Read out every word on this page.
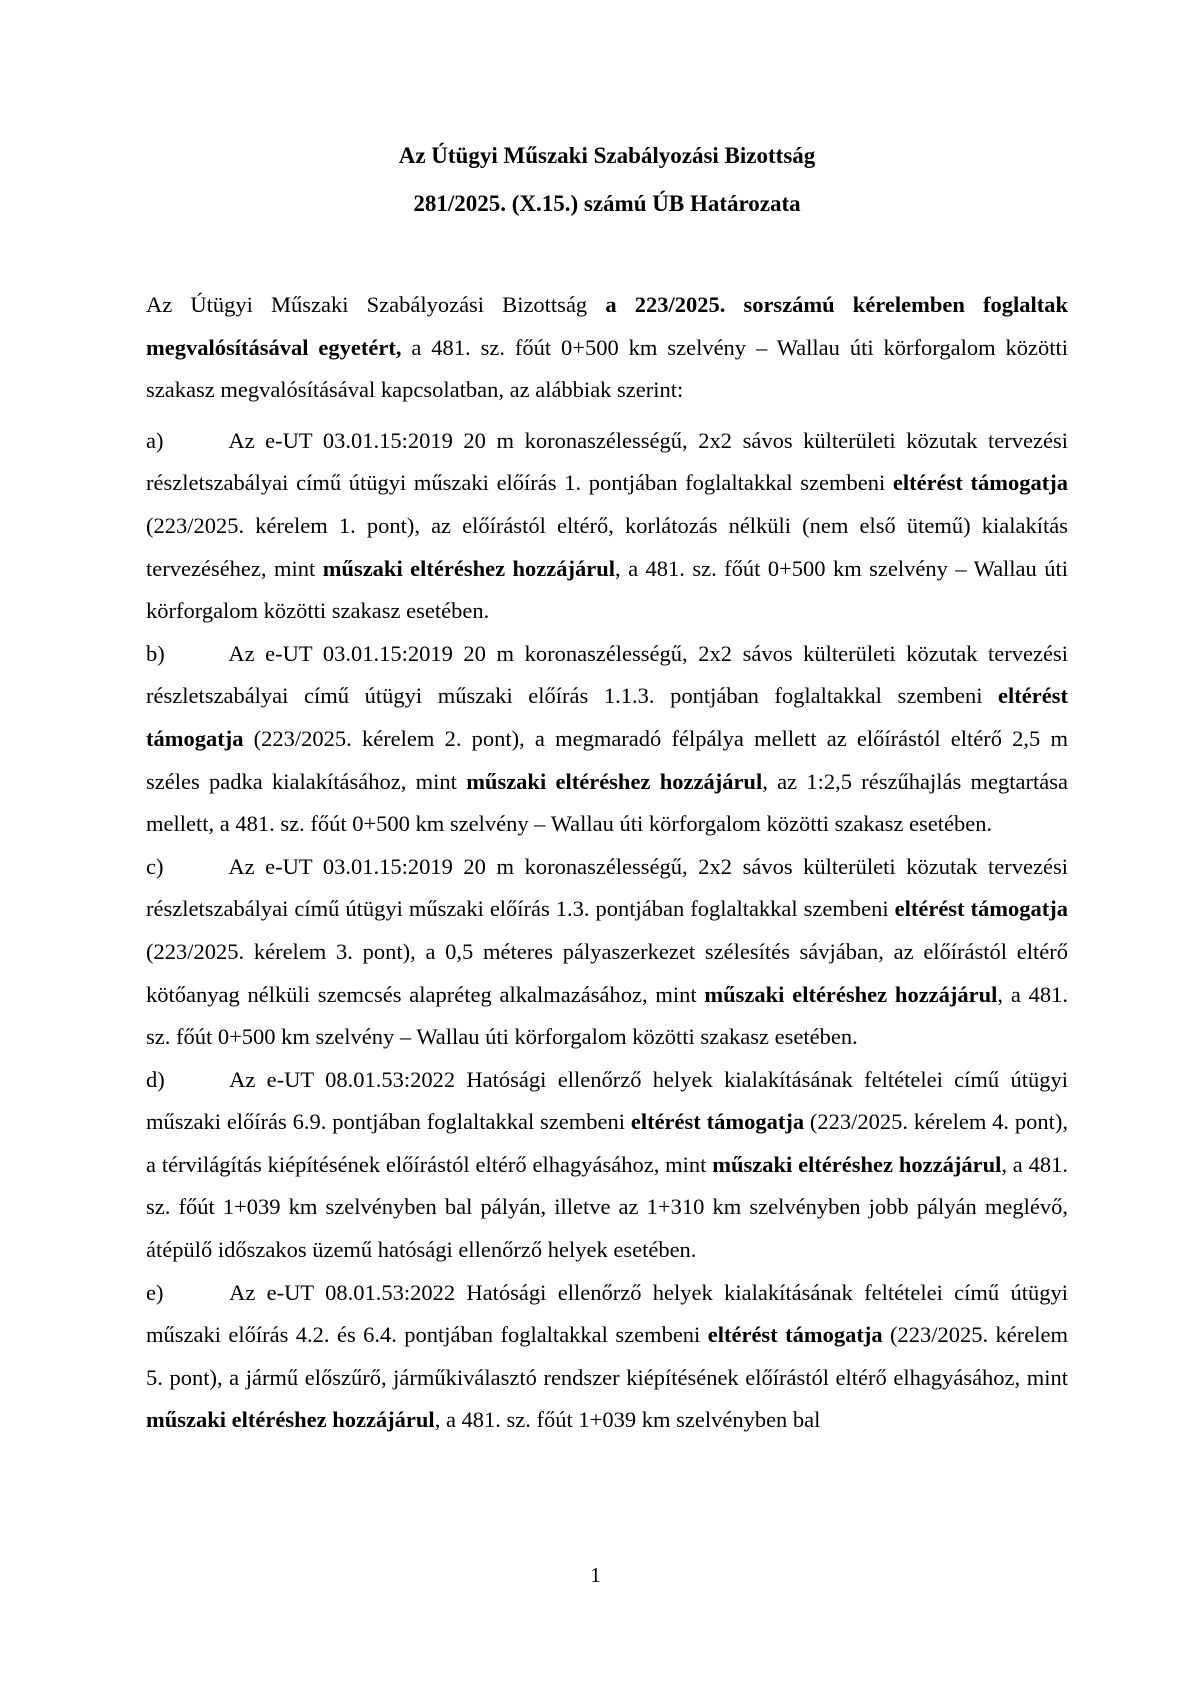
Az Útügyi Műszaki Szabályozási Bizottság
281/2025. (X.15.) számú ÚB Határozata

Az Útügyi Műszaki Szabályozási Bizottság a 223/2025. sorszámú kérelemben foglaltak megvalósításával egyetért, a 481. sz. főút 0+500 km szelvény – Wallau úti körforgalom közötti szakasz megvalósításával kapcsolatban, az alábbiak szerint:

a)	Az e-UT 03.01.15:2019 20 m koronaszélességű, 2x2 sávos külterületi közutak tervezési részletszabályai című útügyi műszaki előírás 1. pontjában foglaltakkal szembeni eltérést támogatja (223/2025. kérelem 1. pont), az előírástól eltérő, korlátozás nélküli (nem első ütemű) kialakítás tervezéséhez, mint műszaki eltéréshez hozzájárul, a 481. sz. főút 0+500 km szelvény – Wallau úti körforgalom közötti szakasz esetében.

b)	Az e-UT 03.01.15:2019 20 m koronaszélességű, 2x2 sávos külterületi közutak tervezési részletszabályai című útügyi műszaki előírás 1.1.3. pontjában foglaltakkal szembeni eltérést támogatja (223/2025. kérelem 2. pont), a megmaradó félpálya mellett az előírástól eltérő 2,5 m széles padka kialakításához, mint műszaki eltéréshez hozzájárul, az 1:2,5 részűhajlás megtartása mellett, a 481. sz. főút 0+500 km szelvény – Wallau úti körforgalom közötti szakasz esetében.

c)	Az e-UT 03.01.15:2019 20 m koronaszélességű, 2x2 sávos külterületi közutak tervezési részletszabályai című útügyi műszaki előírás 1.3. pontjában foglaltakkal szembeni eltérést támogatja (223/2025. kérelem 3. pont), a 0,5 méteres pályaszerkezet szélesítés sávjában, az előírástól eltérő kötőanyag nélküli szemcsés alapréteg alkalmazásához, mint műszaki eltéréshez hozzájárul, a 481. sz. főút 0+500 km szelvény – Wallau úti körforgalom közötti szakasz esetében.

d)	Az e-UT 08.01.53:2022 Hatósági ellenőrző helyek kialakításának feltételei című útügyi műszaki előírás 6.9. pontjában foglaltakkal szembeni eltérést támogatja (223/2025. kérelem 4. pont), a térvilágítás kiépítésének előírástól eltérő elhagyásához, mint műszaki eltéréshez hozzájárul, a 481. sz. főút 1+039 km szelvényben bal pályán, illetve az 1+310 km szelvényben jobb pályán meglévő, átépülő időszakos üzemű hatósági ellenőrző helyek esetében.

e)	Az e-UT 08.01.53:2022 Hatósági ellenőrző helyek kialakításának feltételei című útügyi műszaki előírás 4.2. és 6.4. pontjában foglaltakkal szembeni eltérést támogatja (223/2025. kérelem 5. pont), a jármű előszűrő, járműkiválasztó rendszer kiépítésének előírástól eltérő elhagyásához, mint műszaki eltéréshez hozzájárul, a 481. sz. főút 1+039 km szelvényben bal

1
